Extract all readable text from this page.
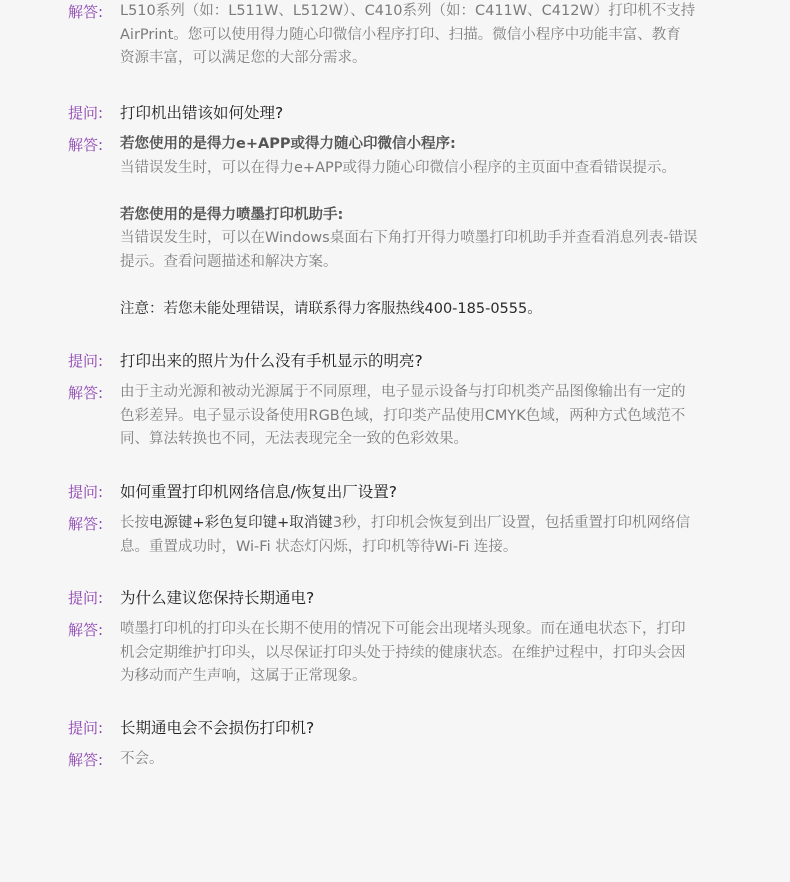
解答:	L510系列（如：L511W、L512W）、C410系列（如：C411W、C412W）打印机不支持
AirPrint。您可以使用得力随心印微信小程序打印、扫描。微信小程序中功能丰富、教育
资源丰富，可以满足您的大部分需求。
提问:	打印机出错该如何处理?
解答:	若您使用的是得力e+APP或得力随心印微信小程序:
当错误发生时，可以在得力e+APP或得力随心印微信小程序的主页面中查看错误提示。
若您使用的是得力喷墨打印机助手:
当错误发生时，可以在Windows桌面右下角打开得力喷墨打印机助手并查看消息列表-错误
提示。查看问题描述和解决方案。
注意：若您未能处理错误，请联系得力客服热线400-185-0555。
提问:	打印出来的照片为什么没有手机显示的明亮?
解答:	由于主动光源和被动光源属于不同原理，电子显示设备与打印机类产品图像输出有一定的
色彩差异。电子显示设备使用RGB色域，打印类产品使用CMYK色域，两种方式色域范不
同、算法转换也不同，无法表现完全一致的色彩效果。
提问:	如何重置打印机网络信息/恢复出厂设置?
解答:	长按电源键+彩色复印键+取消键3秒，打印机会恢复到出厂设置，包括重置打印机网络信
息。重置成功时，Wi-Fi 状态灯闪烁，打印机等待Wi-Fi 连接。
提问:	为什么建议您保持长期通电?
解答:	喷墨打印机的打印头在长期不使用的情况下可能会出现堵头现象。而在通电状态下，打印
机会定期维护打印头，以尽保证打印头处于持续的健康状态。在维护过程中，打印头会因
为移动而产生声响，这属于正常现象。
提问:	长期通电会不会损伤打印机?
解答:	不会。
